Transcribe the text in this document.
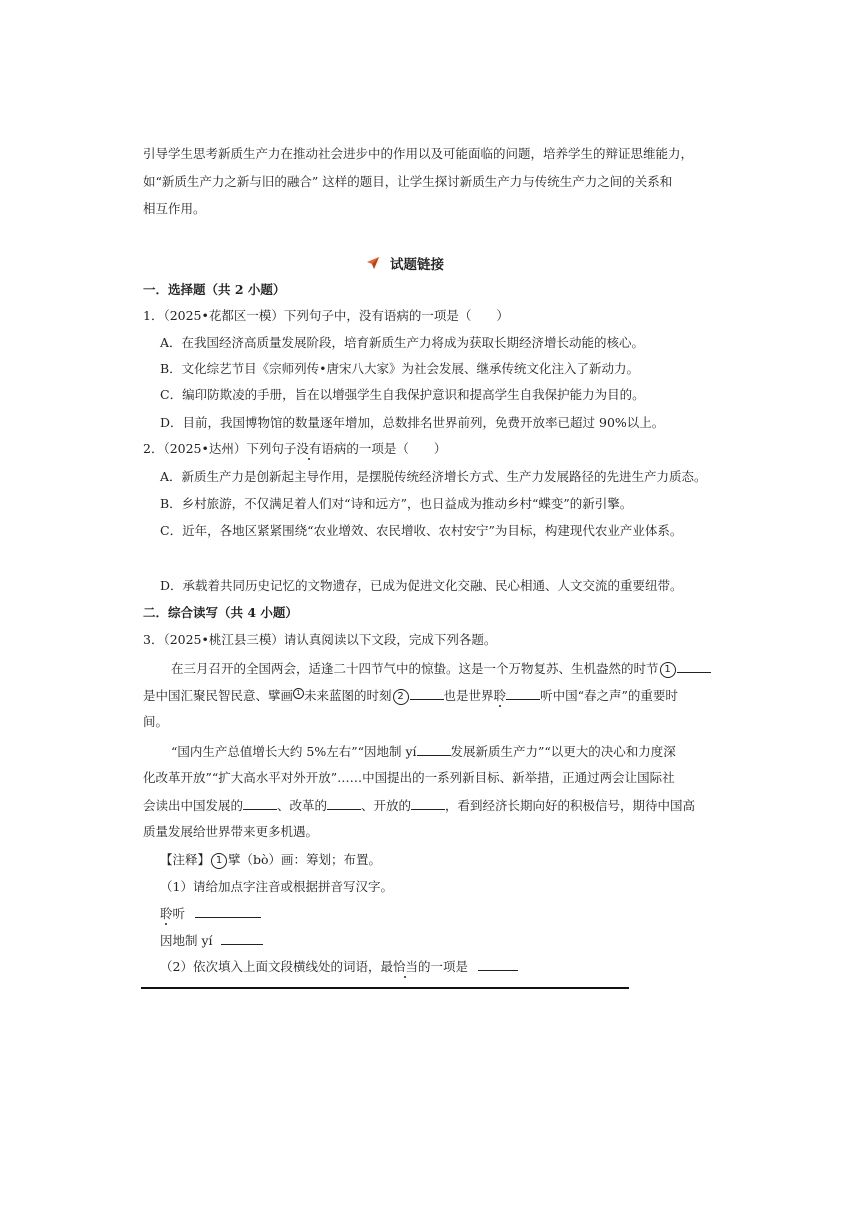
引导学生思考新质生产力在推动社会进步中的作用以及可能面临的问题，培养学生的辩证思维能力，
如“新质生产力之新与旧的融合” 这样的题目，让学生探讨新质生产力与传统生产力之间的关系和
相互作用。
试题链接
一．选择题（共 2 小题）
1．（2025•花都区一模）下列句子中，没有语病的一项是（　　）
A．在我国经济高质量发展阶段，培育新质生产力将成为获取长期经济增长动能的核心。
B．文化综艺节目《宗师列传•唐宋八大家》为社会发展、继承传统文化注入了新动力。
C．编印防欺凌的手册，旨在以增强学生自我保护意识和提高学生自我保护能力为目的。
D．目前，我国博物馆的数量逐年增加，总数排名世界前列，免费开放率已超过 90%以上。
2．（2025•达州）下列句子没有语病的一项是（　　）
A．新质生产力是创新起主导作用，是摆脱传统经济增长方式、生产力发展路径的先进生产力质态。
B．乡村旅游，不仅满足着人们对“诗和远方”，也日益成为推动乡村“蝶变”的新引擎。
C．近年，各地区紧紧围绕“农业增效、农民增收、农村安宁”为目标，构建现代农业产业体系。
D．承载着共同历史记忆的文物遗存，已成为促进文化交融、民心相通、人文交流的重要纽带。
二．综合读写（共 4 小题）
3．（2025•桃江县三模）请认真阅读以下文段，完成下列各题。
在三月召开的全国两会，适逢二十四节气中的惊蛰。这是一个万物复苏、生机盎然的时节 1
是中国汇聚民智民意、擘画 1 未来蓝图的时刻 2	也是世界聆	听中国“春之声”的重要时
间。
“国内生产总值增长大约 5%左右”“因地制 yí	发展新质生产力”“以更大的决心和力度深
化改革开放”“扩大高水平对外开放”……中国提出的一系列新目标、新举措，正通过两会让国际社
会读出中国发展的	、改革的	、开放的	，看到经济长期向好的积极信号，期待中国高
质量发展给世界带来更多机遇。
【注释】 1 擘（bò）画：筹划；布置。
（1）请给加点字注音或根据拼音写汉字。
聆听
因地制 yí
（2）依次填入上面文段横线处的词语，最恰当的一项是
